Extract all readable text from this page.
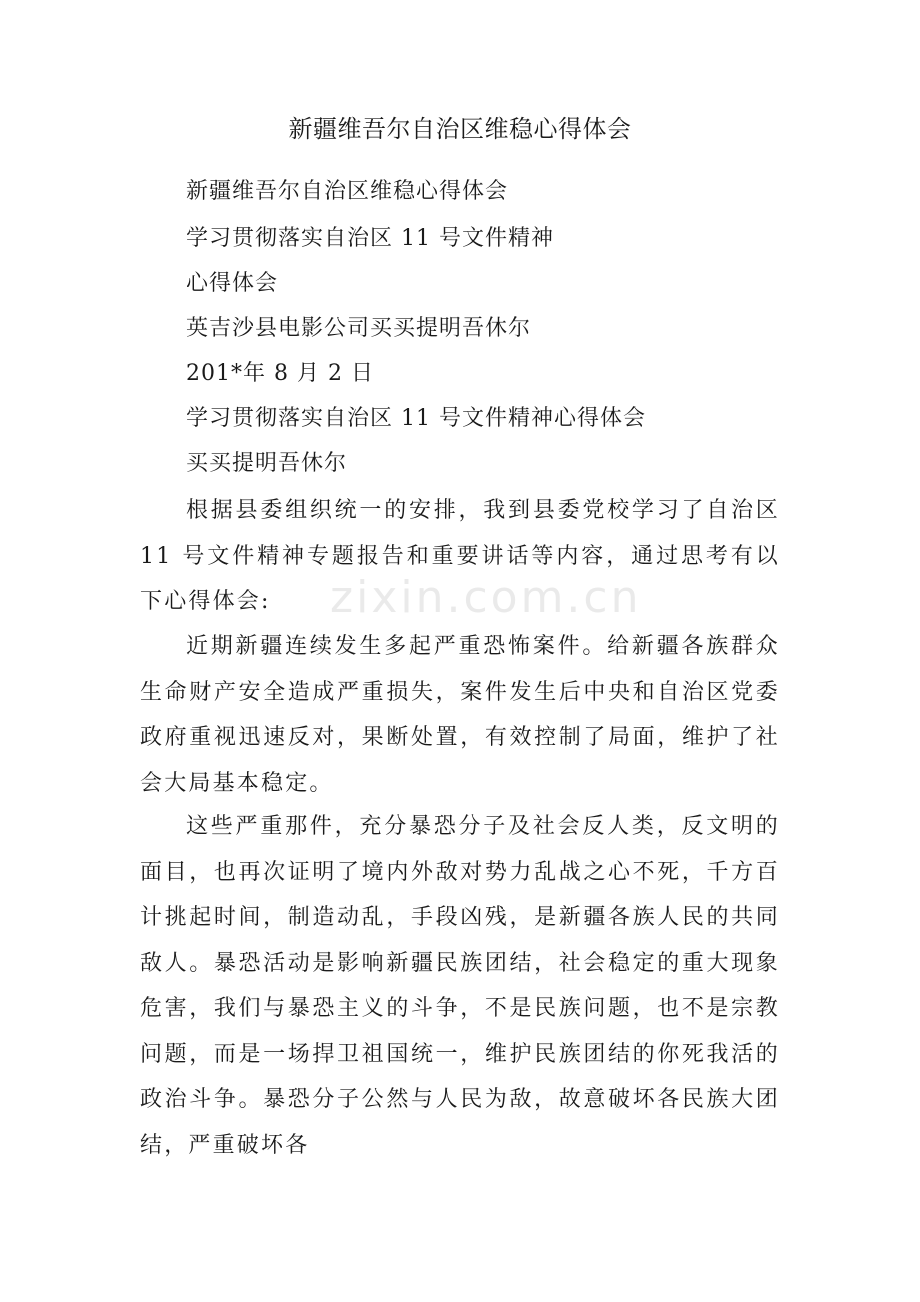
新疆维吾尔自治区维稳心得体会
新疆维吾尔自治区维稳心得体会
学习贯彻落实自治区 11 号文件精神
心得体会
英吉沙县电影公司买买提明吾休尔
201*年 8 月 2 日
学习贯彻落实自治区 11 号文件精神心得体会
买买提明吾休尔

根据县委组织统一的安排，我到县委党校学习了自治区 11 号文件精神专题报告和重要讲话等内容，通过思考有以下心得体会:

近期新疆连续发生多起严重恐怖案件。给新疆各族群众生命财产安全造成严重损失，案件发生后中央和自治区党委政府重视迅速反对，果断处置，有效控制了局面，维护了社会大局基本稳定。

这些严重那件，充分暴恐分子及社会反人类，反文明的面目，也再次证明了境内外敌对势力乱战之心不死，千方百计挑起时间，制造动乱，手段凶残，是新疆各族人民的共同敌人。暴恐活动是影响新疆民族团结，社会稳定的重大现象危害，我们与暴恐主义的斗争，不是民族问题，也不是宗教问题，而是一场捍卫祖国统一，维护民族团结的你死我活的政治斗争。暴恐分子公然与人民为敌，故意破坏各民族大团结，严重破坏各

zixin.com.cn
